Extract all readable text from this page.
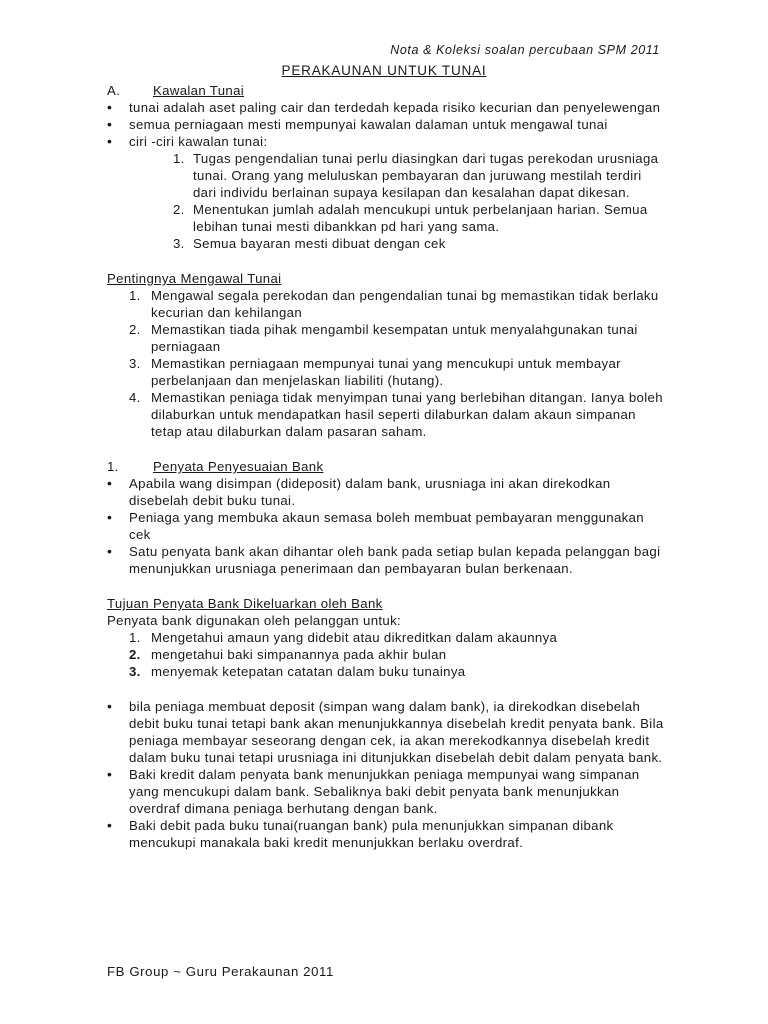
Nota & Koleksi soalan percubaan SPM 2011
PERAKAUNAN UNTUK TUNAI
A. Kawalan Tunai
• tunai adalah aset paling cair dan terdedah kepada risiko kecurian dan penyelewengan
• semua perniagaan mesti mempunyai kawalan dalaman untuk mengawal tunai
• ciri -ciri kawalan tunai:
1. Tugas pengendalian tunai perlu diasingkan dari tugas perekodan urusniaga tunai. Orang yang meluluskan pembayaran dan juruwang mestilah terdiri dari individu berlainan supaya kesilapan dan kesalahan dapat dikesan.
2. Menentukan jumlah adalah mencukupi untuk perbelanjaan harian. Semua lebihan tunai mesti dibankkan pd hari yang sama.
3. Semua bayaran mesti dibuat dengan cek
Pentingnya Mengawal Tunai
1. Mengawal segala perekodan dan pengendalian tunai bg memastikan tidak berlaku kecurian dan kehilangan
2. Memastikan tiada pihak mengambil kesempatan untuk menyalahgunakan tunai perniagaan
3. Memastikan perniagaan mempunyai tunai yang mencukupi untuk membayar perbelanjaan dan menjelaskan liabiliti (hutang).
4. Memastikan peniaga tidak menyimpan tunai yang berlebihan ditangan. Ianya boleh dilaburkan untuk mendapatkan hasil seperti dilaburkan dalam akaun simpanan tetap atau dilaburkan dalam pasaran saham.
1.	Penyata Penyesuaian Bank
• Apabila wang disimpan (dideposit) dalam bank, urusniaga ini akan direkodkan disebelah debit buku tunai.
• Peniaga yang membuka akaun semasa boleh membuat pembayaran menggunakan cek
• Satu penyata bank akan dihantar oleh bank pada setiap bulan kepada pelanggan bagi menunjukkan urusniaga penerimaan dan pembayaran bulan berkenaan.
Tujuan Penyata Bank Dikeluarkan oleh Bank

Penyata bank digunakan oleh pelanggan untuk:

1. Mengetahui amaun yang didebit atau dikreditkan dalam akaunnya
2. mengetahui baki simpanannya pada akhir bulan
3. menyemak ketepatan catatan dalam buku tunainya
• bila peniaga membuat deposit (simpan wang dalam bank), ia direkodkan disebelah debit buku tunai tetapi bank akan menunjukkannya disebelah kredit penyata bank. Bila peniaga membayar seseorang dengan cek, ia akan merekodkannya disebelah kredit dalam buku tunai tetapi urusniaga ini ditunjukkan disebelah debit dalam penyata bank.
• Baki kredit dalam penyata bank menunjukkan peniaga mempunyai wang simpanan yang mencukupi dalam bank. Sebaliknya baki debit penyata bank menunjukkan overdraf dimana peniaga berhutang dengan bank.
• Baki debit pada buku tunai(ruangan bank) pula menunjukkan simpanan dibank mencukupi manakala baki kredit menunjukkan berlaku overdraf.
FB Group ~ Guru Perakaunan 2011
